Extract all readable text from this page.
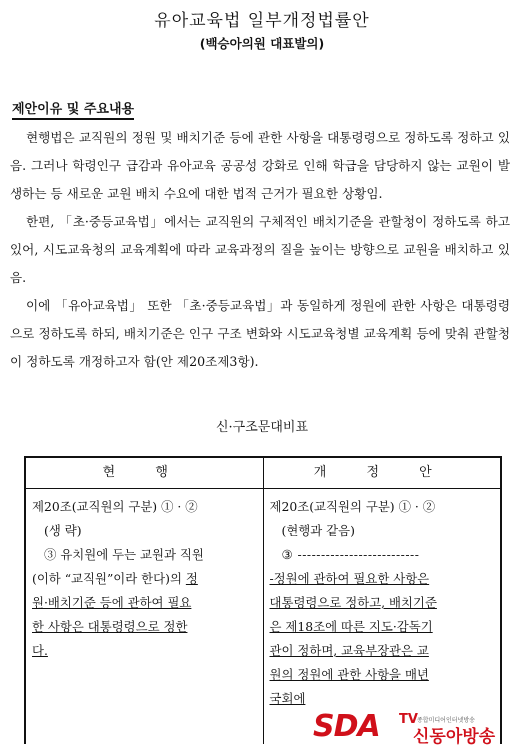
유아교육법 일부개정법률안
(백승아의원 대표발의)
제안이유 및 주요내용

현행법은 교직원의 정원 및 배치기준 등에 관한 사항을 대통령령으로 정하도록 정하고 있음. 그러나 학령인구 급감과 유아교육 공공성 강화로 인해 학급을 담당하지 않는 교원이 발생하는 등 새로운 교원 배치 수요에 대한 법적 근거가 필요한 상황임.

한편, 「초·중등교육법」에서는 교직원의 구체적인 배치기준을 관할청이 정하도록 하고 있어, 시도교육청의 교육계획에 따라 교육과정의 질을 높이는 방향으로 교원을 배치하고 있음.

이에 「유아교육법」 또한 「초·중등교육법」과 동일하게 정원에 관한 사항은 대통령령으로 정하도록 하되, 배치기준은 인구 구조 변화와 시도교육청별 교육계획 등에 맞춰 관할청이 정하도록 개정하고자 함(안 제20조제3항).

신·구조문대비표
현 행	개 정 안
제20조(교직원의 구분) ① · ②
(생 략)
③ 유치원에 두는 교원과 직원
(이하 “교직원”이라 한다)의 정
원·배치기준 등에 관하여 필요
한 사항은 대통령령으로 정한
다.
제20조(교직원의 구분) ① · ②
(현행과 같음)
③ --------------------------
-정원에 관하여 필요한 사항은
대통령령으로 정하고, 배치기준
은 제18조에 따른 지도·감독기
관이 정하며, 교육부장관은 교
원의 정원에 관한 사항을 매년
국회에
SDA TV 종합미디어인터넷방송
신동아방송
